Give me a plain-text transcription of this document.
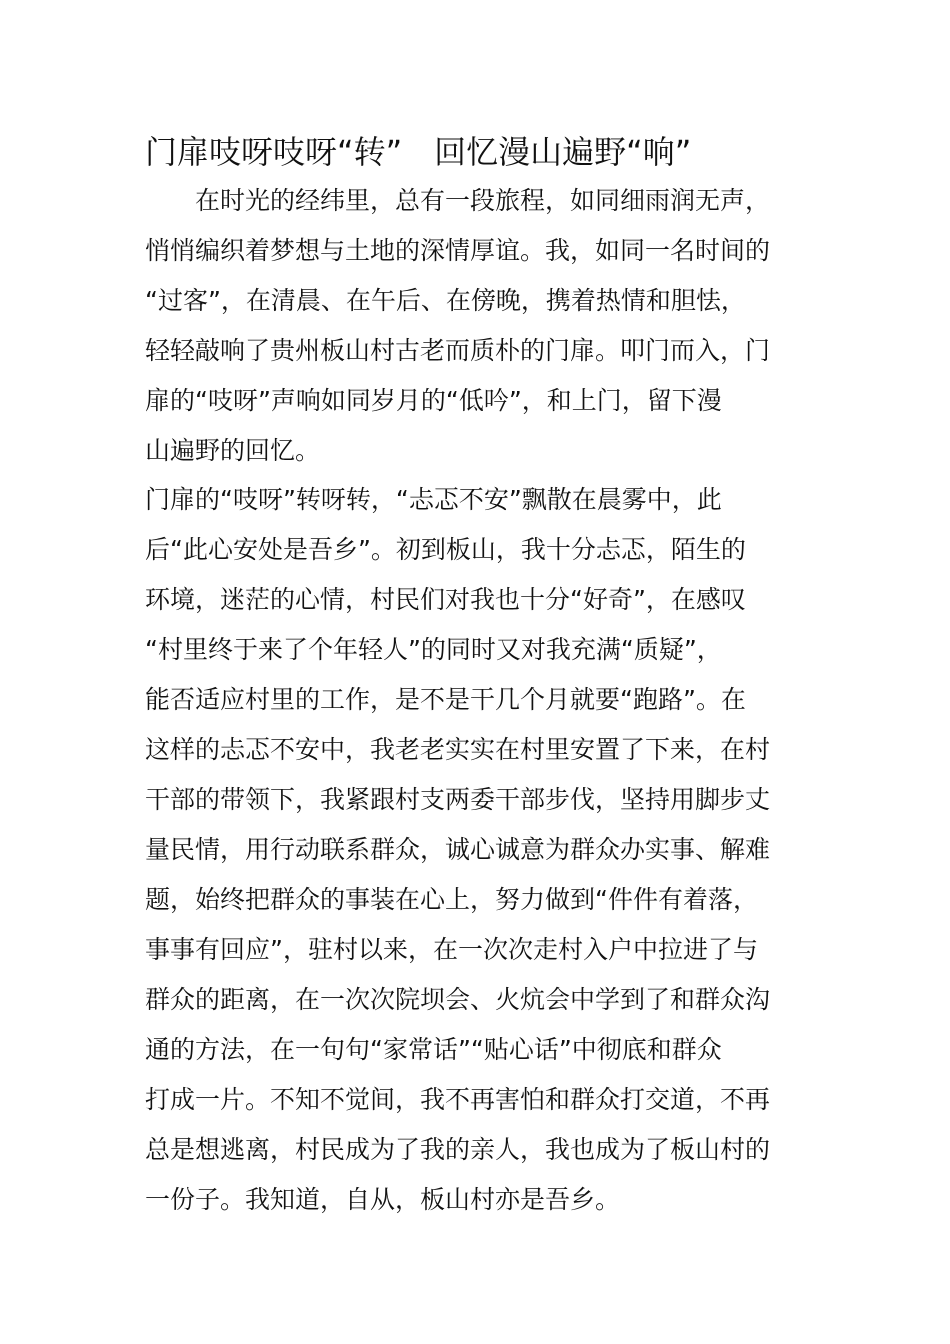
门扉吱呀吱呀“转”　回忆漫山遍野“响”

　　在时光的经纬里，总有一段旅程，如同细雨润无声，

悄悄编织着梦想与土地的深情厚谊。我，如同一名时间的

“过客”，在清晨、在午后、在傍晚，携着热情和胆怯，

轻轻敲响了贵州板山村古老而质朴的门扉。叩门而入，门

扉的“吱呀”声响如同岁月的“低吟”，和上门，留下漫

山遍野的回忆。

门扉的“吱呀”转呀转，“忐忑不安”飘散在晨雾中，此

后“此心安处是吾乡”。初到板山，我十分忐忑，陌生的

环境，迷茫的心情，村民们对我也十分“好奇”，在感叹

“村里终于来了个年轻人”的同时又对我充满“质疑”，

能否适应村里的工作，是不是干几个月就要“跑路”。在

这样的忐忑不安中，我老老实实在村里安置了下来，在村

干部的带领下，我紧跟村支两委干部步伐，坚持用脚步丈

量民情，用行动联系群众，诚心诚意为群众办实事、解难

题，始终把群众的事装在心上，努力做到“件件有着落，

事事有回应”，驻村以来，在一次次走村入户中拉进了与

群众的距离，在一次次院坝会、火炕会中学到了和群众沟

通的方法，在一句句“家常话”“贴心话”中彻底和群众

打成一片。不知不觉间，我不再害怕和群众打交道，不再

总是想逃离，村民成为了我的亲人，我也成为了板山村的

一份子。我知道，自从，板山村亦是吾乡。
